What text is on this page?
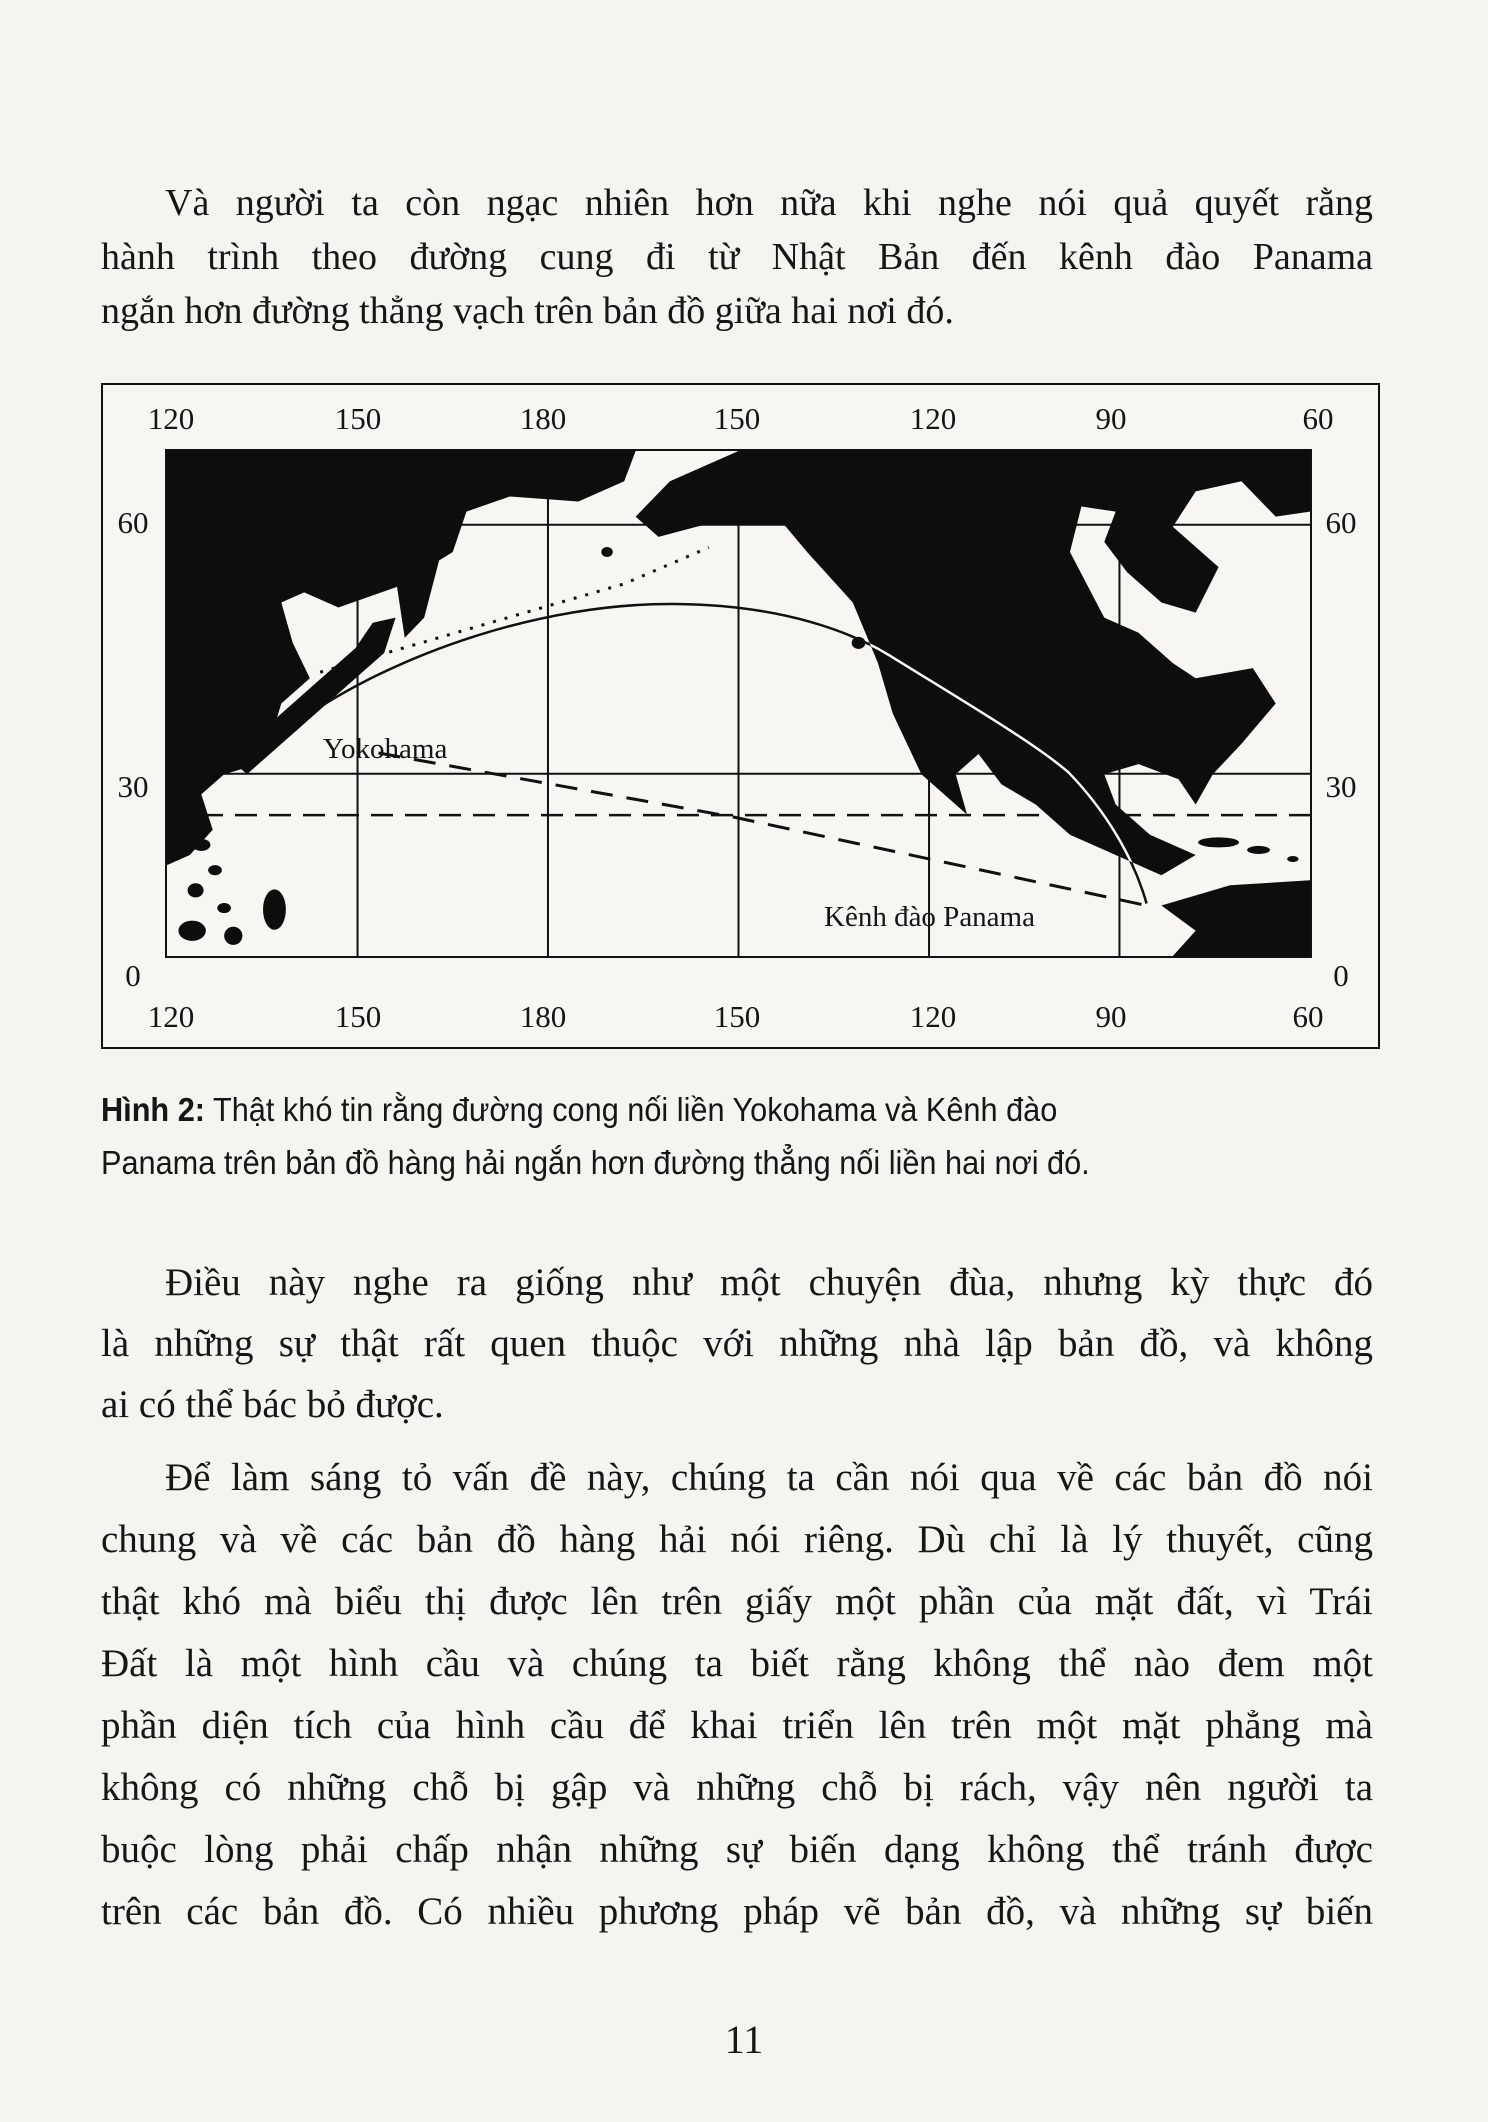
Và người ta còn ngạc nhiên hơn nữa khi nghe nói quả quyết rằng
hành trình theo đường cung đi từ Nhật Bản đến kênh đào Panama
ngắn hơn đường thẳng vạch trên bản đồ giữa hai nơi đó.
120	150	180	150	120	90	60
120	150	180	150	120	90	60
60
30
0
60
30
0
Yokohama
Kênh đào Panama
Hình 2: Thật khó tin rằng đường cong nối liền Yokohama và Kênh đào
Panama trên bản đồ hàng hải ngắn hơn đường thẳng nối liền hai nơi đó.
Điều này nghe ra giống như một chuyện đùa, nhưng kỳ thực đó
là những sự thật rất quen thuộc với những nhà lập bản đồ, và không
ai có thể bác bỏ được.
Để làm sáng tỏ vấn đề này, chúng ta cần nói qua về các bản đồ nói
chung và về các bản đồ hàng hải nói riêng. Dù chỉ là lý thuyết, cũng
thật khó mà biểu thị được lên trên giấy một phần của mặt đất, vì Trái
Đất là một hình cầu và chúng ta biết rằng không thể nào đem một
phần diện tích của hình cầu để khai triển lên trên một mặt phẳng mà
không có những chỗ bị gập và những chỗ bị rách, vậy nên người ta
buộc lòng phải chấp nhận những sự biến dạng không thể tránh được
trên các bản đồ. Có nhiều phương pháp vẽ bản đồ, và những sự biến
11
